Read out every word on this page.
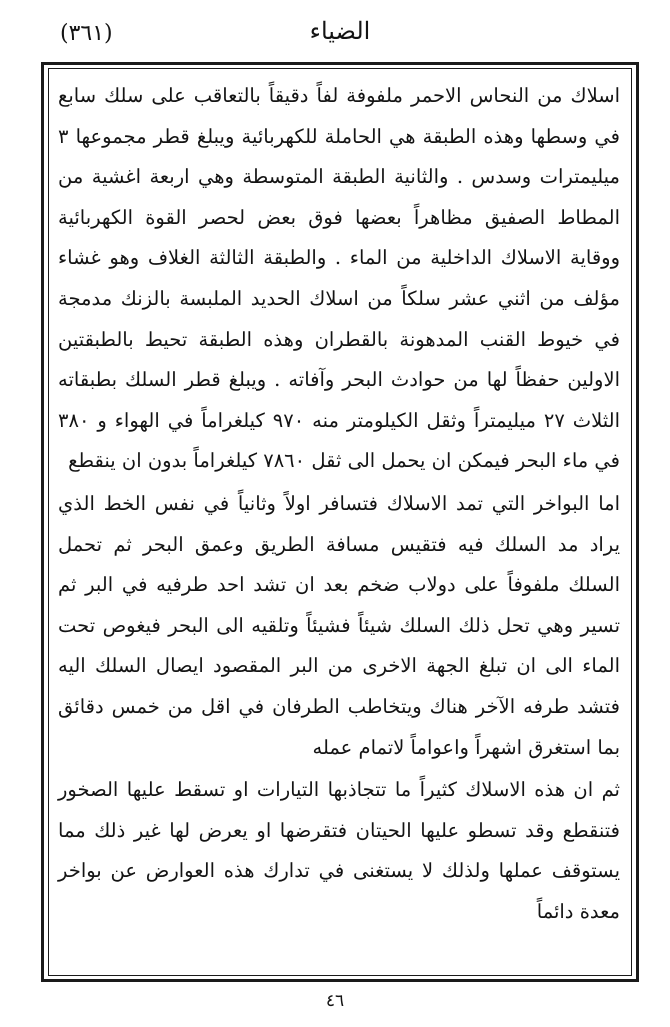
(٣٦١)	الضياء

اسلاك من النحاس الاحمر ملفوفة لفاً دقيقاً بالتعاقب على سلك سابع في وسطها وهذه الطبقة هي الحاملة للكهربائية ويبلغ قطر مجموعها ٣ ميليمترات وسدس . والثانية الطبقة المتوسطة وهي اربعة اغشية من المطاط الصفيق مظاهراً بعضها فوق بعض لحصر القوة الكهربائية ووقاية الاسلاك الداخلية من الماء . والطبقة الثالثة الغلاف وهو غشاء مؤلف من اثني عشر سلكاً من اسلاك الحديد الملبسة بالزنك مدمجة في خيوط القنب المدهونة بالقطران وهذه الطبقة تحيط بالطبقتين الاولين حفظاً لها من حوادث البحر وآفاته . ويبلغ قطر السلك بطبقاته الثلاث ٢٧ ميليمتراً وثقل الكيلومتر منه ٩٧٠ كيلغراماً في الهواء و ٣٨٠ في ماء البحر فيمكن ان يحمل الى ثقل ٧٨٦٠ كيلغراماً بدون ان ينقطع

اما البواخر التي تمد الاسلاك فتسافر اولاً وثانياً في نفس الخط الذي يراد مد السلك فيه فتقيس مسافة الطريق وعمق البحر ثم تحمل السلك ملفوفاً على دولاب ضخم بعد ان تشد احد طرفيه في البر ثم تسير وهي تحل ذلك السلك شيئاً فشيئاً وتلقيه الى البحر فيغوص تحت الماء الى ان تبلغ الجهة الاخرى من البر المقصود ايصال السلك اليه فتشد طرفه الآخر هناك ويتخاطب الطرفان في اقل من خمس دقائق بما استغرق اشهراً واعواماً لاتمام عمله

ثم ان هذه الاسلاك كثيراً ما تتجاذبها التيارات او تسقط عليها الصخور فتنقطع وقد تسطو عليها الحيتان فتقرضها او يعرض لها غير ذلك مما يستوقف عملها ولذلك لا يستغنى في تدارك هذه العوارض عن بواخر معدة دائماً

٤٦
